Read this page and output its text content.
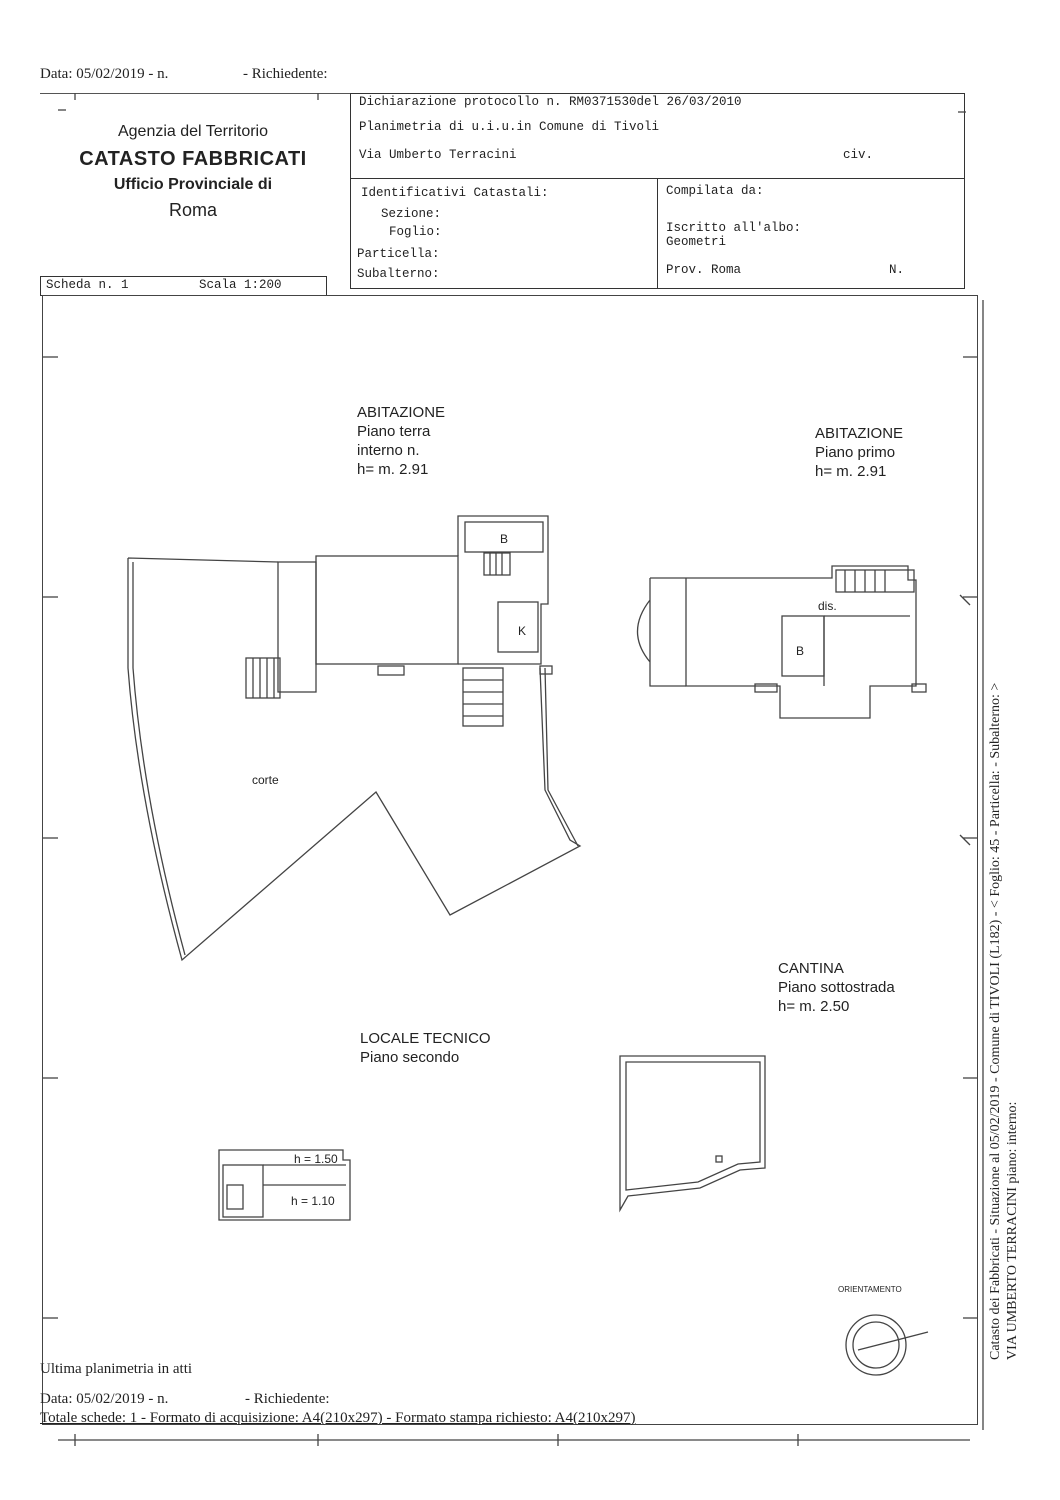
Data: 05/02/2019 - n.	- Richiedente:
Agenzia del Territorio
CATASTO FABBRICATI
Ufficio Provinciale di
Roma
Dichiarazione protocollo n. RM0371530del 26/03/2010
Planimetria di u.i.u.in Comune di Tivoli
Via Umberto Terracini	civ.
Identificativi Catastali:
Sezione:
Foglio:
Particella:
Subalterno:
Compilata da:
Iscritto all'albo:
Geometri
Prov. Roma	N.
Scheda n. 1	Scala 1:200
ABITAZIONE
Piano terra
interno n.
h= m. 2.91
ABITAZIONE
Piano primo
h= m. 2.91
CANTINA
Piano sottostrada
h= m. 2.50
LOCALE TECNICO
Piano secondo
corte
B
K
B
dis.
h = 1.50
h = 1.10
ORIENTAMENTO	Catasto dei Fabbricati - Situazione al 05/02/2019 - Comune di TIVOLI (L182) - < Foglio: 45 - Particella: - Subalterno: > VIA UMBERTO TERRACINI piano: interno:
Ultima planimetria in atti
Data: 05/02/2019 - n.	- Richiedente:
Totale schede: 1 - Formato di acquisizione: A4(210x297) - Formato stampa richiesto: A4(210x297)
